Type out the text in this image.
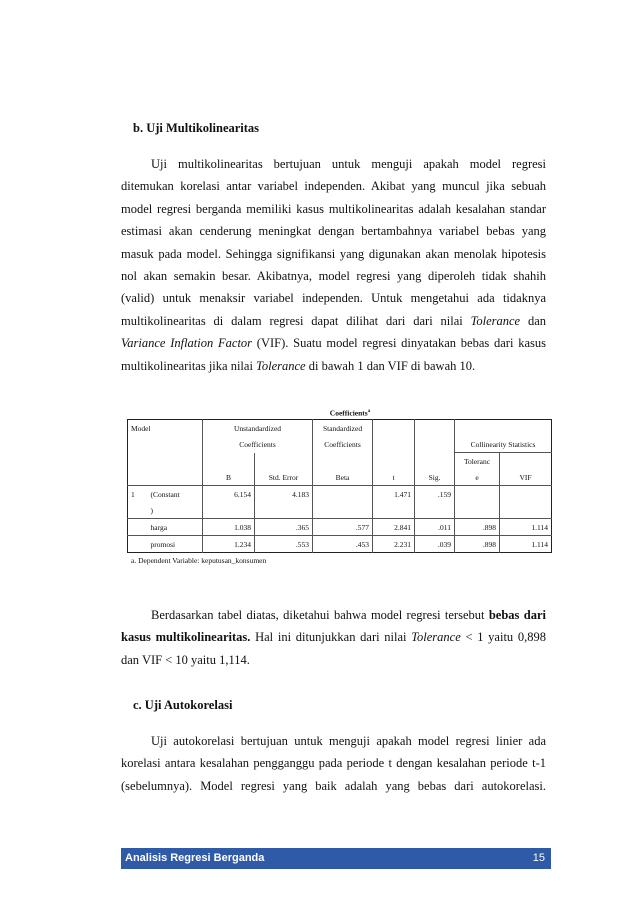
b. Uji Multikolinearitas
Uji multikolinearitas bertujuan untuk menguji apakah model regresi
ditemukan korelasi antar variabel independen. Akibat yang muncul jika sebuah
model regresi berganda memiliki kasus multikolinearitas adalah kesalahan standar
estimasi akan cenderung meningkat dengan bertambahnya variabel bebas yang
masuk pada model. Sehingga signifikansi yang digunakan akan menolak hipotesis
nol akan semakin besar. Akibatnya, model regresi yang diperoleh tidak shahih
(valid) untuk menaksir variabel independen. Untuk mengetahui ada tidaknya
multikolinearitas di dalam regresi dapat dilihat dari dari nilai Tolerance dan
Variance Inflation Factor (VIF). Suatu model regresi dinyatakan bebas dari kasus
multikolinearitas jika nilai Tolerance di bawah 1 dan VIF di bawah 10.
Coefficients$^a$
Model		Unstandardized		Standardized				
		Coefficients		Coefficients			Collinearity Statistics	
							Toleranc	
		B	Std. Error	Beta	t	Sig.	e	VIF
1	(Constant	6.154	4.183		1.471	.159		
	)							
	harga	1.038	.365	.577	2.841	.011	.898	1.114
	promosi	1.234	.553	.453	2.231	.039	.898	1.114
a. Dependent Variable: keputusan_konsumen
Berdasarkan tabel diatas, diketahui bahwa model regresi tersebut bebas dari
kasus multikolinearitas. Hal ini ditunjukkan dari nilai Tolerance < 1 yaitu 0,898
dan VIF < 10 yaitu 1,114.
c. Uji Autokorelasi
Uji autokorelasi bertujuan untuk menguji apakah model regresi linier ada
korelasi antara kesalahan pengganggu pada periode t dengan kesalahan periode t-1
(sebelumnya). Model regresi yang baik adalah yang bebas dari autokorelasi.
Analisis Regresi Berganda	15
